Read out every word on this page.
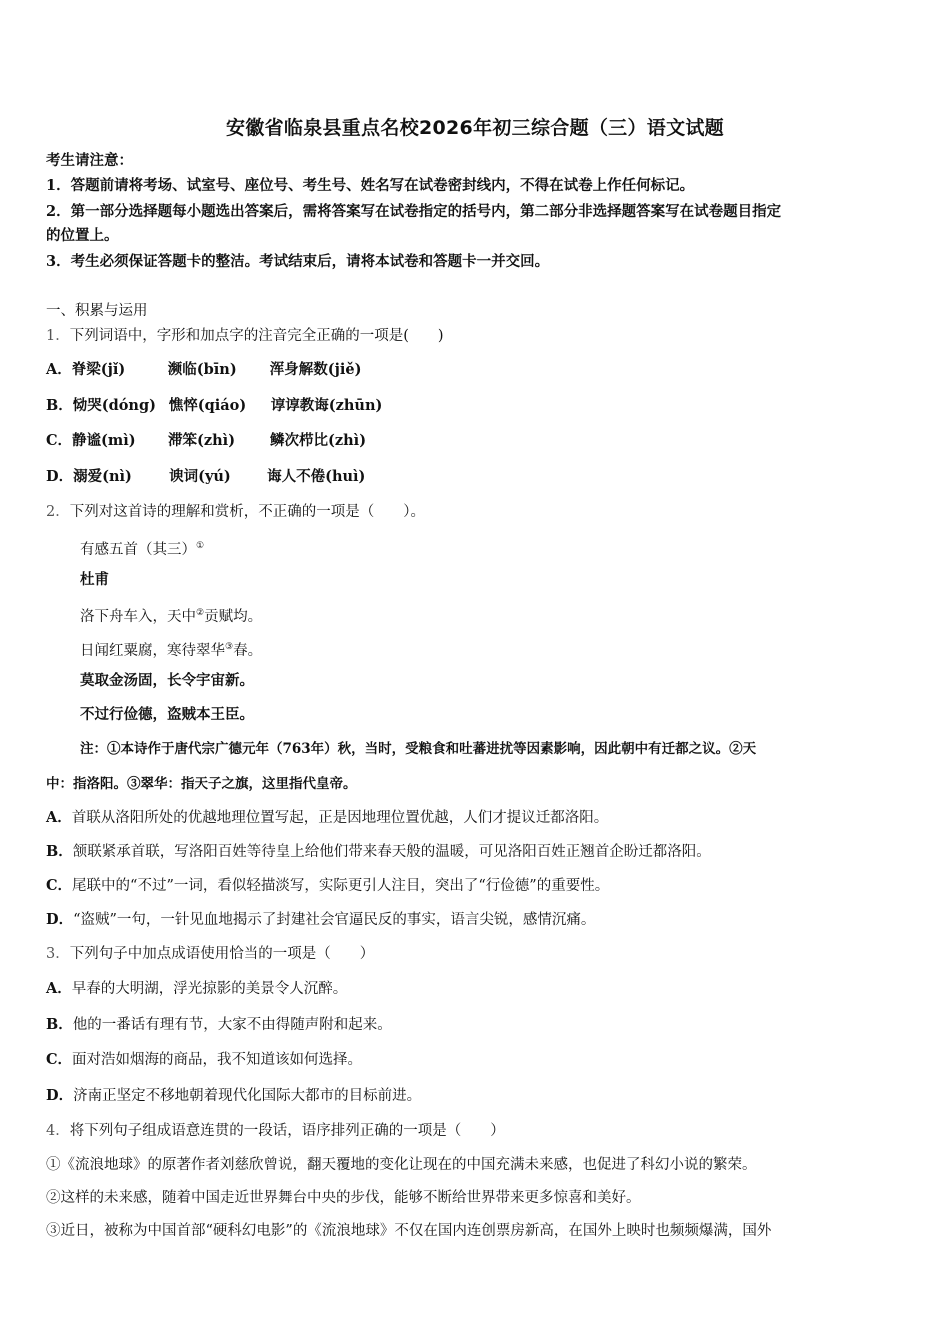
安徽省临泉县重点名校2026年初三综合题（三）语文试题
考生请注意：
1．答题前请将考场、试室号、座位号、考生号、姓名写在试卷密封线内，不得在试卷上作任何标记。
2．第一部分选择题每小题选出答案后，需将答案写在试卷指定的括号内，第二部分非选择题答案写在试卷题目指定
的位置上。
3．考生必须保证答题卡的整洁。考试结束后，请将本试卷和答题卡一并交回。
一、积累与运用
1．下列词语中，字形和加点字的注音完全正确的一项是(　　)
A．脊梁(jǐ)	濒临(bīn) 浑身解数(jiě)
B．恸哭(dóng) 憔悴(qiáo) 谆谆教诲(zhūn)
C．静谧(mì) 滞笨(zhì) 鳞次栉比(zhì)
D．溺爱(nì)	谀词(yú)	诲人不倦(huì)
2．下列对这首诗的理解和赏析，不正确的一项是（　　）。
有感五首（其三）①
杜甫
洛下舟车入，天中②贡赋均。
日闻红粟腐，寒待翠华③春。
莫取金汤固，长令宇宙新。
不过行俭德，盗贼本王臣。
注：①本诗作于唐代宗广德元年（763年）秋，当时，受粮食和吐蕃进扰等因素影响，因此朝中有迁都之议。②天
中：指洛阳。③翠华：指天子之旗，这里指代皇帝。
A．首联从洛阳所处的优越地理位置写起，正是因地理位置优越，人们才提议迁都洛阳。
B．颔联紧承首联，写洛阳百姓等待皇上给他们带来春天般的温暖，可见洛阳百姓正翘首企盼迁都洛阳。
C．尾联中的“不过”一词，看似轻描淡写，实际更引人注目，突出了“行俭德”的重要性。
D．“盗贼”一句，一针见血地揭示了封建社会官逼民反的事实，语言尖锐，感情沉痛。
3．下列句子中加点成语使用恰当的一项是（　　）
A．早春的大明湖，浮光掠影的美景令人沉醉。
B．他的一番话有理有节，大家不由得随声附和起来。
C．面对浩如烟海的商品，我不知道该如何选择。
D．济南正坚定不移地朝着现代化国际大都市的目标前进。
4．将下列句子组成语意连贯的一段话，语序排列正确的一项是（　　）
①《流浪地球》的原著作者刘慈欣曾说，翻天覆地的变化让现在的中国充满未来感，也促进了科幻小说的繁荣。
②这样的未来感，随着中国走近世界舞台中央的步伐，能够不断给世界带来更多惊喜和美好。
③近日，被称为中国首部“硬科幻电影”的《流浪地球》不仅在国内连创票房新高，在国外上映时也频频爆满，国外
